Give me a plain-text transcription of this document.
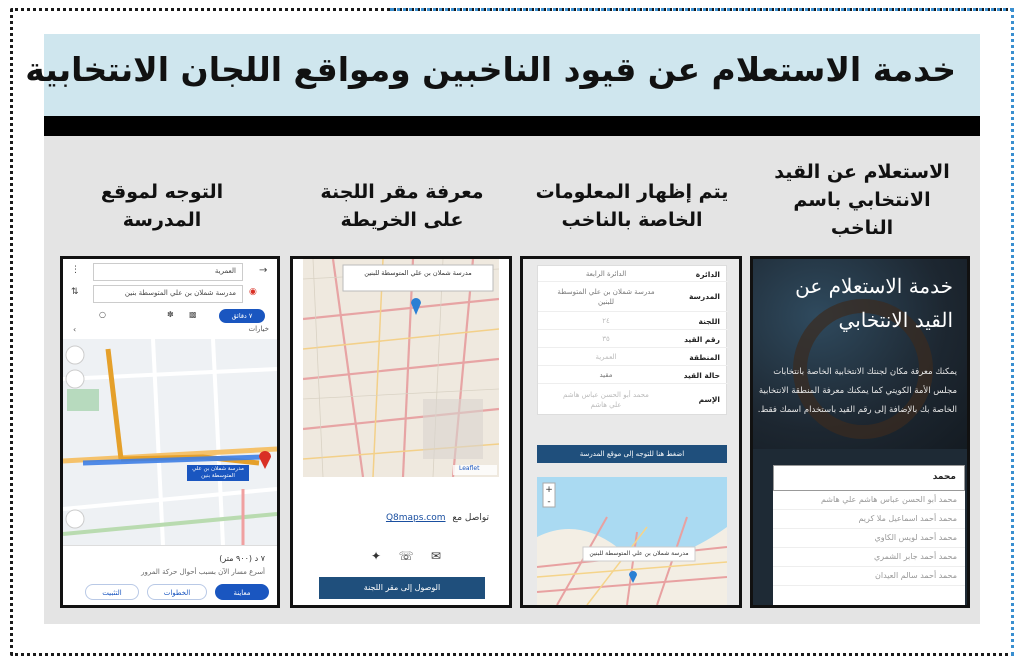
خدمة الاستعلام عن قيود الناخبين ومواقع اللجان الانتخابية
الاستعلام عن القيد الانتخابي باسم الناخب
يتم إظهار المعلومات الخاصة بالناخب
معرفة مقر اللجنة على الخريطة
التوجه لموقع المدرسة
خدمة الاستعلام عن القيد الانتخابي
يمكنك معرفة مكان لجنتك الانتخابية الخاصة بانتخابات مجلس الأمة الكويتي كما يمكنك معرفة المنطقة الانتخابية الخاصة بك بالإضافة إلى رقم القيد باستخدام اسمك فقط.
محمد
محمد أبو الحسن عباس هاشم علي هاشم
محمد أحمد اسماعيل ملا كريم
محمد أحمد لويس الكاوي
محمد أحمد جابر الشمري
محمد أحمد سالم العيدان
الدائرة
الدائرة الرابعة
المدرسة
مدرسة شملان بن علي المتوسطة للبنين
اللجنة
٢٤
رقم القيد
٣٥
المنطقة
العمرية
حالة القيد
مقيد
الإسم
محمد أبو الحسن عباس هاشم علي هاشم
اضغط هنا للتوجه إلى موقع المدرسة
+
-
مدرسة شملان بن علي المتوسطة للبنين
مدرسة شملان بن علي المتوسطة للبنين
Leaflet
تواصل مع Q8maps.com
✦ ☏ ✉
الوصول إلى مقر اللجنة
→
العمرية
⋮
⇅	◉
مدرسة شملان بن علي المتوسطة بنين
٧ دقائق
▩
✽
○
خيارات
‹
مدرسة شملان بن علي المتوسطة بنين
٧ د (٩٠٠ متر)
أسرع مسار الآن بسبب أحوال حركة المرور
معاينة
الخطوات
التثبيت
